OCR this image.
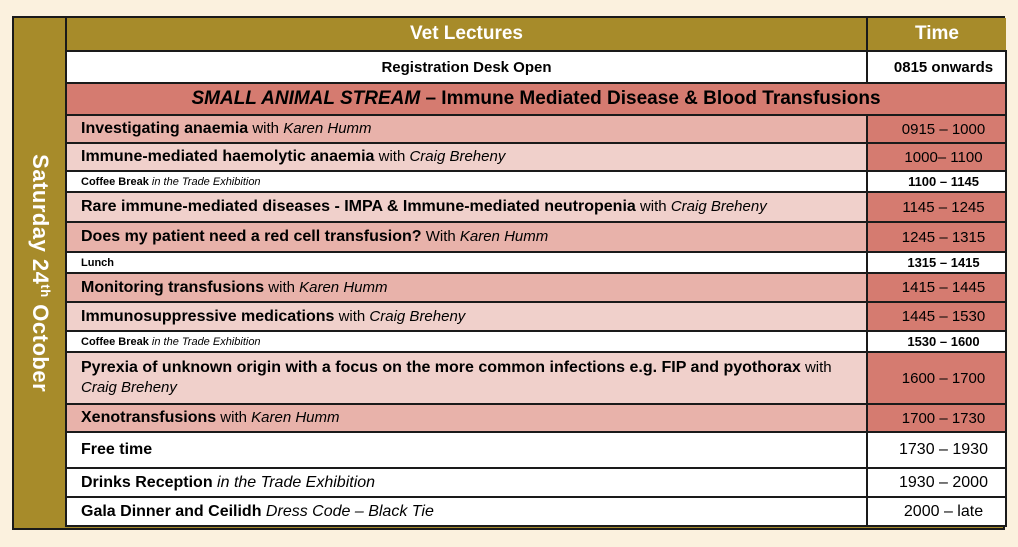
Saturday 24th October
Vet Lectures	Time
Registration Desk Open	0815 onwards
SMALL ANIMAL STREAM – Immune Mediated Disease & Blood Transfusions	
Investigating anaemia with Karen Humm	0915 – 1000
Immune-mediated haemolytic anaemia with Craig Breheny	1000– 1100
Coffee Break in the Trade Exhibition	1100 – 1145
Rare immune-mediated diseases - IMPA & Immune-mediated neutropenia with Craig Breheny	1145 – 1245
Does my patient need a red cell transfusion? With Karen Humm	1245 – 1315
Lunch	1315 – 1415
Monitoring transfusions with Karen Humm	1415 – 1445
Immunosuppressive medications with Craig Breheny	1445 – 1530
Coffee Break in the Trade Exhibition	1530 – 1600
Pyrexia of unknown origin with a focus on the more common infections e.g. FIP and pyothorax with Craig Breheny	1600 – 1700
Xenotransfusions with Karen Humm	1700 – 1730
Free time	1730 – 1930
Drinks Reception in the Trade Exhibition	1930 – 2000
Gala Dinner and Ceilidh Dress Code – Black Tie	2000 – late
